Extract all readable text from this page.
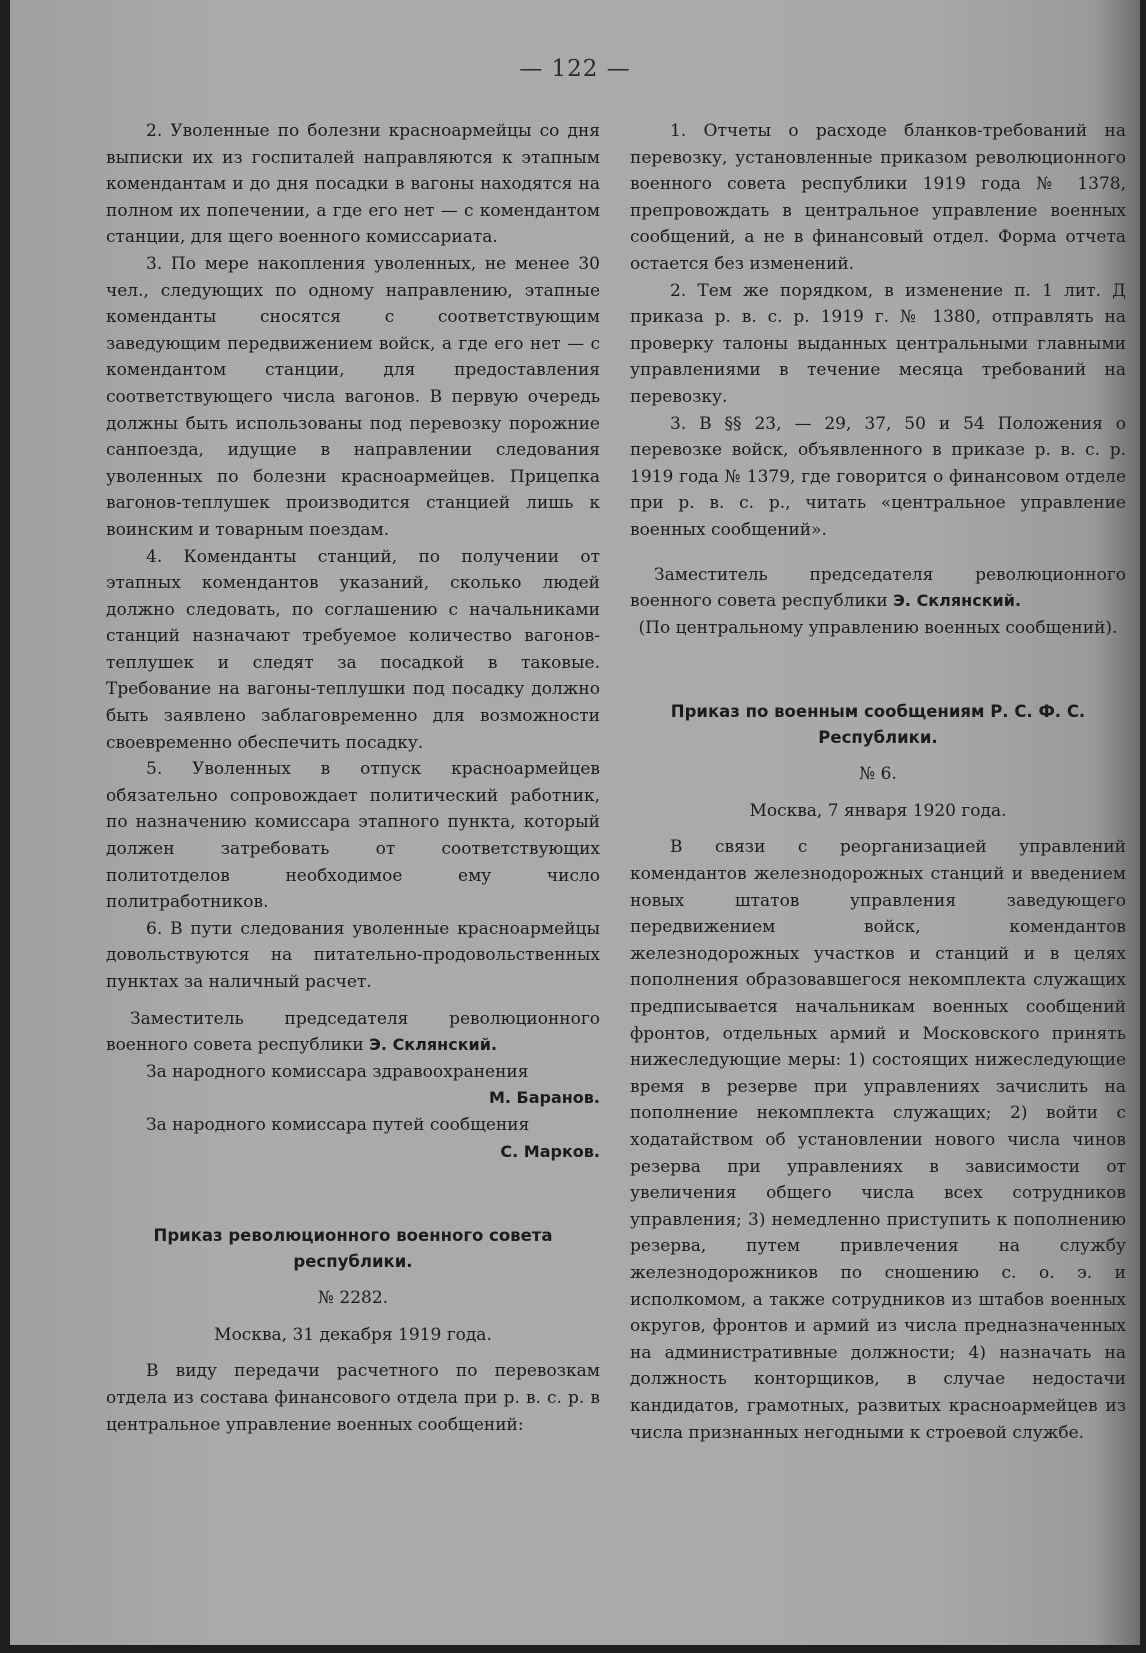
— 122 —

2. Уволенные по болезни красноармейцы со дня выписки их из госпиталей направляются к этапным комендантам и до дня посадки в вагоны находятся на полном их попечении, а где его нет — с комендантом станции, для щего военного комиссариата.

3. По мере накопления уволенных, не менее 30 чел., следующих по одному направлению, этапные коменданты сносятся с соответствующим заведующим передвижением войск, а где его нет — с комендантом станции, для предоставления соответствующего числа вагонов. В первую очередь должны быть использованы под перевозку порожние санпоезда, идущие в направлении следования уволенных по болезни красноармейцев. Прицепка вагонов-теплушек производится станцией лишь к воинским и товарным поездам.

4. Коменданты станций, по получении от этапных комендантов указаний, сколько людей должно следовать, по соглашению с начальниками станций назначают требуемое количество вагонов-теплушек и следят за посадкой в таковые. Требование на вагоны-теплушки под посадку должно быть заявлено заблаговременно для возможности своевременно обеспечить посадку.

5. Уволенных в отпуск красноармейцев обязательно сопровождает политический работник, по назначению комиссара этапного пункта, который должен затребовать от соответствующих политотделов необходимое ему число политработников.

6. В пути следования уволенные красноармейцы довольствуются на питательно-продовольственных пунктах за наличный расчет.

Заместитель председателя революционного военного совета республики Э. Склянский.

За народного комиссара здравоохранения

М. Баранов.

За народного комиссара путей сообщения

С. Марков.

Приказ революционного военного совета республики.

№ 2282.

Москва, 31 декабря 1919 года.

В виду передачи расчетного по перевозкам отдела из состава финансового отдела при р. в. с. р. в центральное управление военных сообщений:

1. Отчеты о расходе бланков-требований на перевозку, установленные приказом революционного военного совета республики 1919 года № 1378, препровождать в центральное управление военных сообщений, а не в финансовый отдел. Форма отчета остается без изменений.

2. Тем же порядком, в изменение п. 1 лит. Д приказа р. в. с. р. 1919 г. № 1380, отправлять на проверку талоны выданных центральными главными управлениями в течение месяца требований на перевозку.

3. В §§ 23, — 29, 37, 50 и 54 Положения о перевозке войск, объявленного в приказе р. в. с. р. 1919 года № 1379, где говорится о финансовом отделе при р. в. с. р., читать «центральное управление военных сообщений».

Заместитель председателя революционного военного совета республики Э. Склянский.

(По центральному управлению военных сообщений).

Приказ по военным сообщениям Р. С. Ф. С. Республики.

№ 6.

Москва, 7 января 1920 года.

В связи с реорганизацией управлений комендантов железнодорожных станций и введением новых штатов управления заведующего передвижением войск, комендантов железнодорожных участков и станций и в целях пополнения образовавшегося некомплекта служащих предписывается начальникам военных сообщений фронтов, отдельных армий и Московского принять нижеследующие меры: 1) состоящих нижеследующие время в резерве при управлениях зачислить на пополнение некомплекта служащих; 2) войти с ходатайством об установлении нового числа чинов резерва при управлениях в зависимости от увеличения общего числа всех сотрудников управления; 3) немедленно приступить к пополнению резерва, путем привлечения на службу железнодорожников по сношению с. о. э. и исполкомом, а также сотрудников из штабов военных округов, фронтов и армий из числа предназначенных на административные должности; 4) назначать на должность конторщиков, в случае недостачи кандидатов, грамотных, развитых красноармейцев из числа признанных негодными к строевой службе.
